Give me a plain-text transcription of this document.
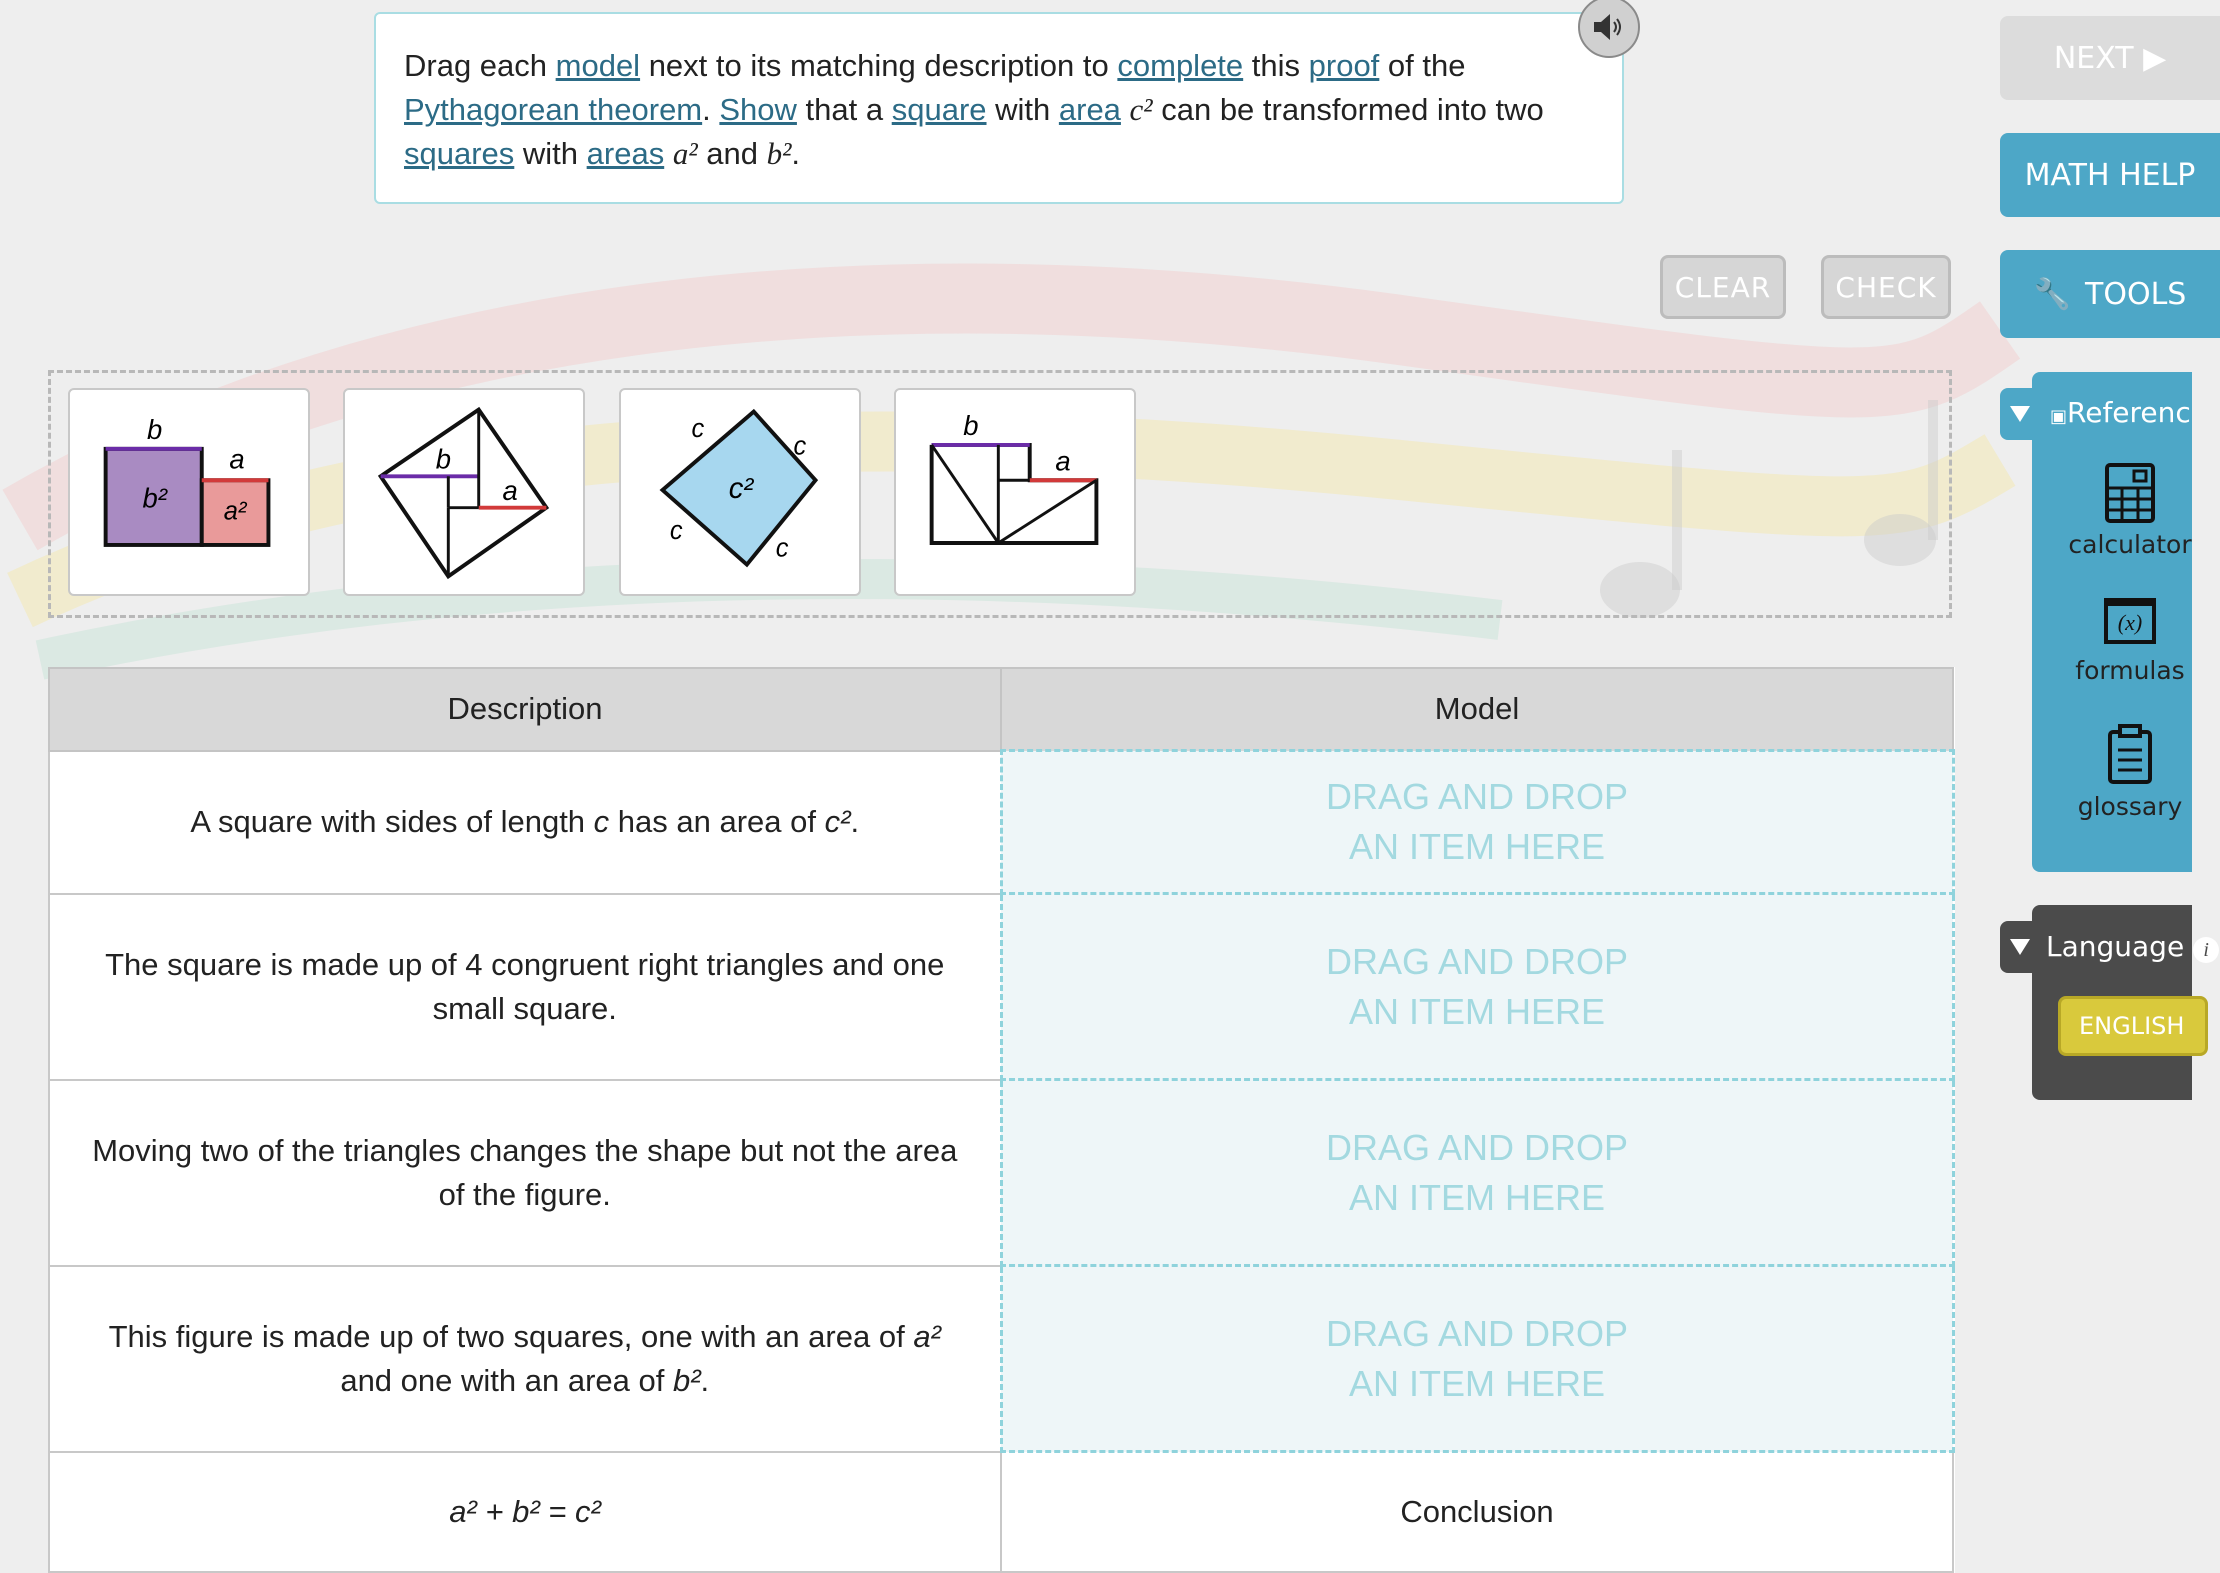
Drag each model next to its matching description to complete this proof of the Pythagorean theorem. Show that a square with area c² can be transformed into two squares with areas a² and b².
CLEAR	CHECK
b
a
b² a²
b
a
c
c
c
c
c²
b
a
Description	Model
A square with sides of length c has an area of c².	DRAG AND DROP
AN ITEM HERE

The square is made up of 4 congruent right triangles and one small square.	DRAG AND DROP
AN ITEM HERE

Moving two of the triangles changes the shape but not the area of the figure.	DRAG AND DROP
AN ITEM HERE

This figure is made up of two squares, one with an area of a² and one with an area of b².	DRAG AND DROP
AN ITEM HERE

a² + b² = c²	Conclusion
NEXT ▶
MATH HELP
🔧 TOOLS
▣Referenc
calculator
(x)
formulas
glossary
Language i
ENGLISH
